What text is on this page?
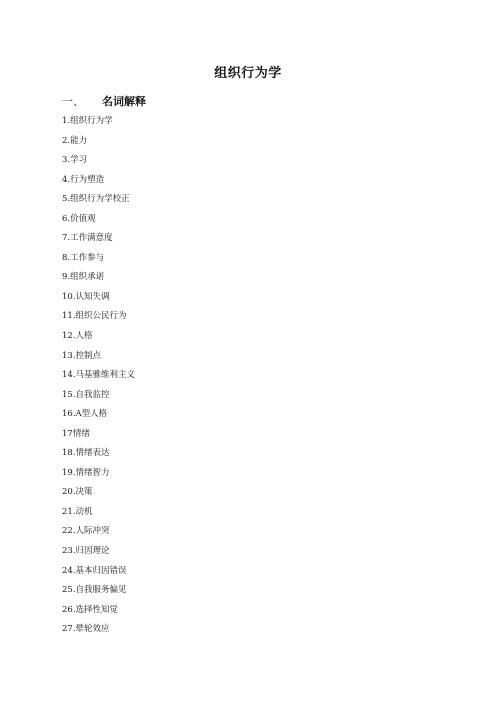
组织行为学
一、 名词解释
1.组织行为学
2.能力
3.学习
4.行为塑造
5.组织行为学校正
6.价值观
7.工作满意度
8.工作参与
9.组织承诺
10.认知失调
11.组织公民行为
12.人格
13.控制点
14.马基雅维利主义
15.自我监控
16.A型人格
17情绪
18.情绪表达
19.情绪智力
20.决策
21.动机
22.人际冲突
23.归因理论
24.基本归因错误
25.自我服务偏见
26.选择性知觉
27.晕轮效应
